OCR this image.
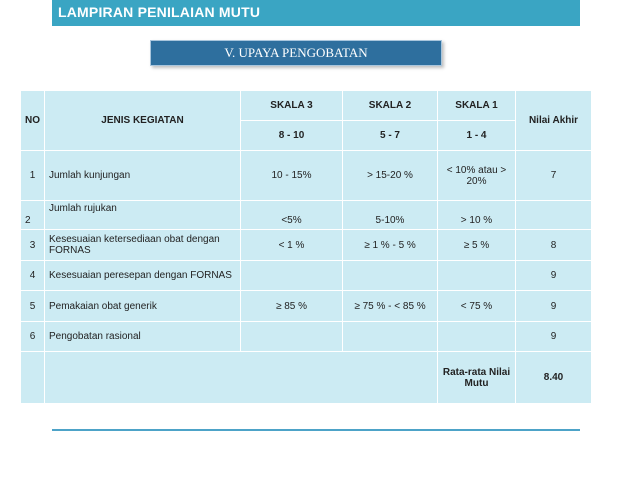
LAMPIRAN PENILAIAN MUTU
V. UPAYA PENGOBATAN
NO	JENIS KEGIATAN	SKALA 3	SKALA 2	SKALA 1	Nilai Akhir
		8 - 10	5 - 7	1 - 4	
1	Jumlah kunjungan	10 - 15%	> 15-20 %	< 10% atau > 20%	7
2	Jumlah rujukan	<5%	5-10%	> 10 %	
3	Kesesuaian ketersediaan obat dengan FORNAS	< 1 %	≥ 1 % - 5 %	≥ 5 %	8
4	Kesesuaian peresepan dengan FORNAS				9
5	Pemakaian obat generik	≥ 85 %	≥ 75 % - < 85 %	< 75 %	9
6	Pengobatan rasional				9
				Rata-rata Nilai Mutu	8.40
